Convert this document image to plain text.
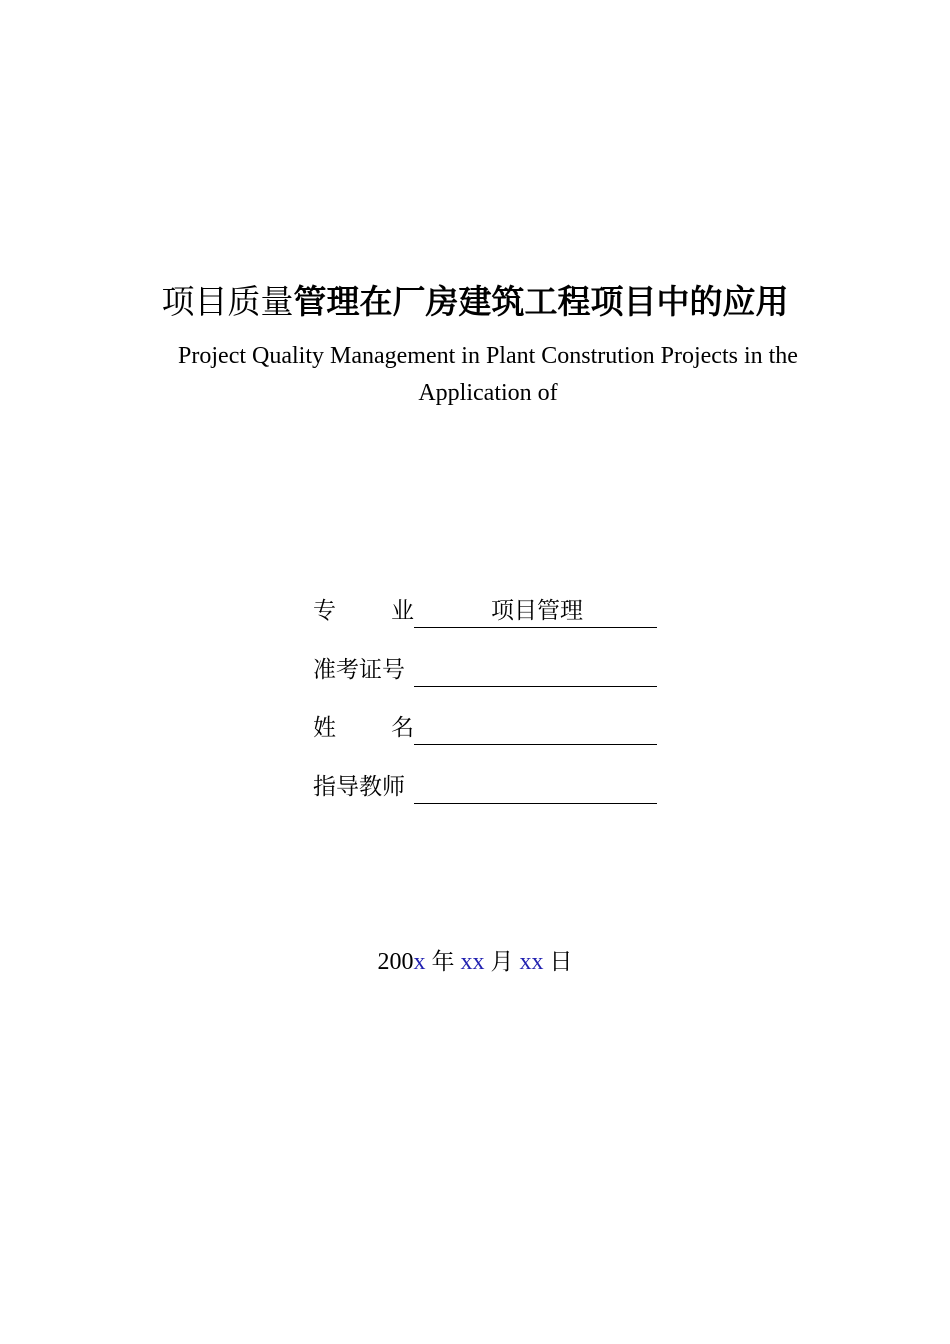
项目质量管理在厂房建筑工程项目中的应用
Project Quality Management in Plant Constrution Projects in the Application of
专 业	项目管理
准考证号
姓 名
指导教师
200x 年 xx 月 xx 日
